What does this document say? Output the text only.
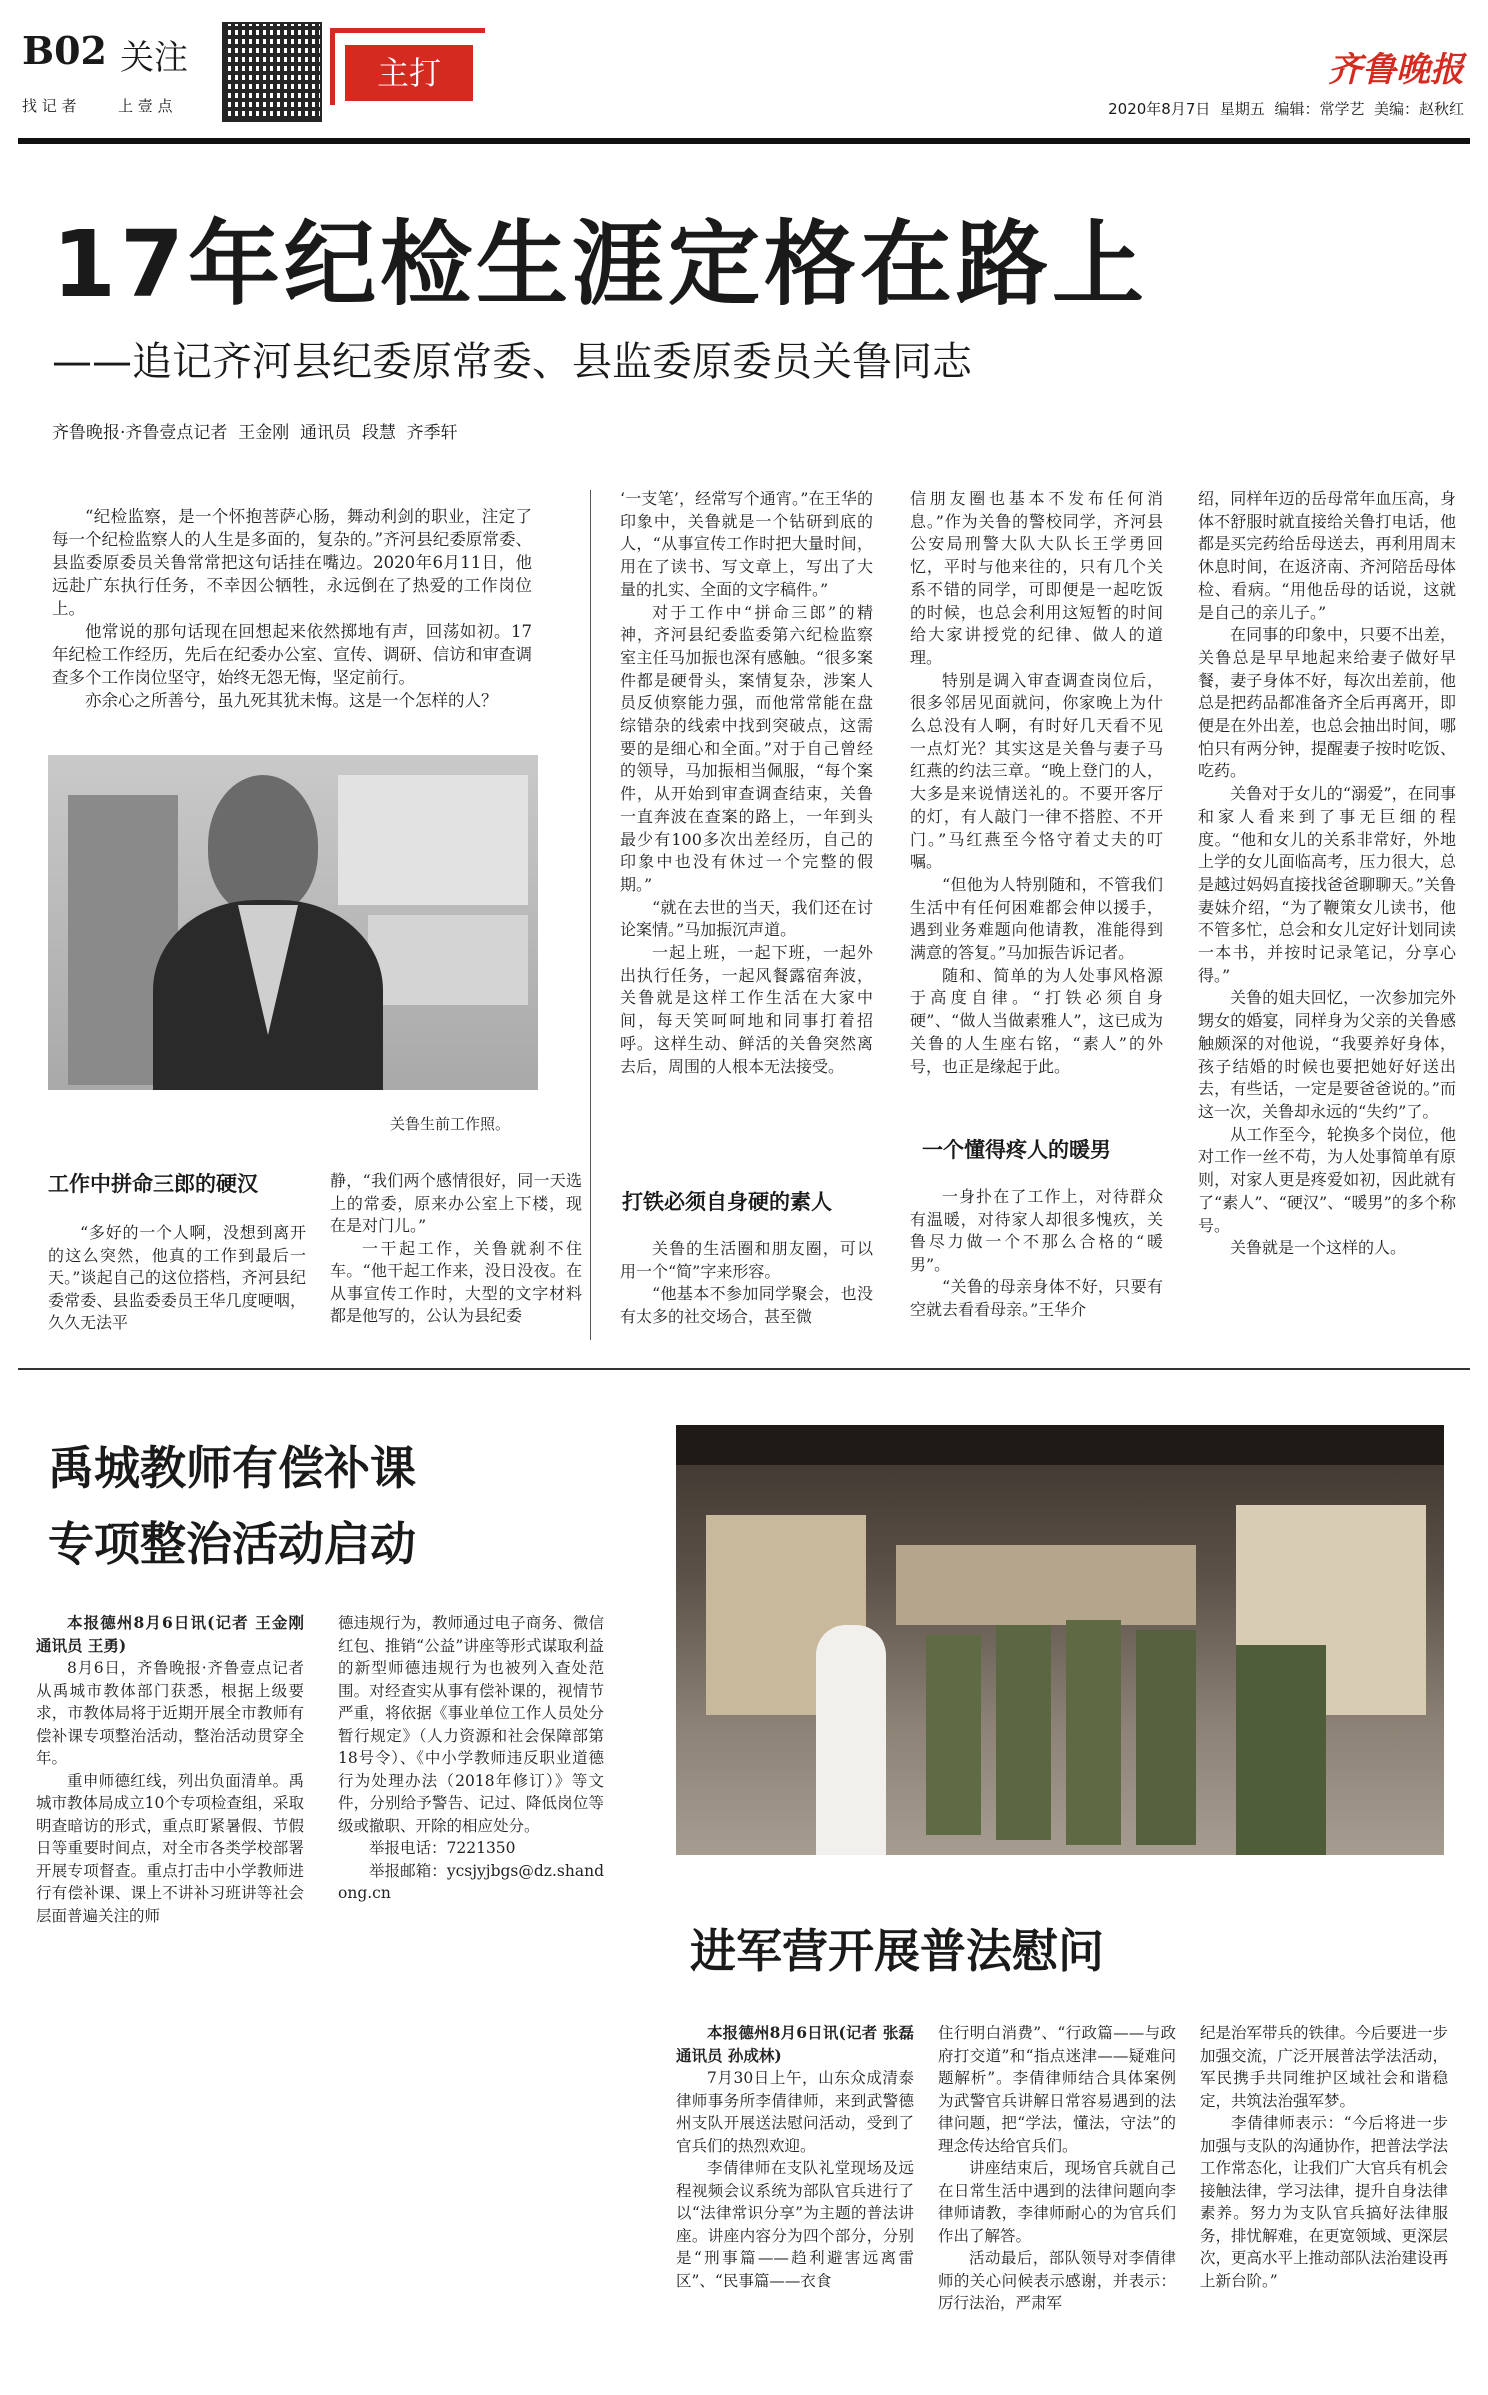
B02 关注
找 记 者	上 壹 点
主打	齐鲁晚报
2020年8月7日  星期五  编辑：常学艺  美编：赵秋红
17年纪检生涯定格在路上
——追记齐河县纪委原常委、县监委原委员关鲁同志
齐鲁晚报·齐鲁壹点记者  王金刚  通讯员  段慧  齐季轩

“纪检监察，是一个怀抱菩萨心肠，舞动利剑的职业，注定了每一个纪检监察人的人生是多面的，复杂的。”齐河县纪委原常委、县监委原委员关鲁常常把这句话挂在嘴边。2020年6月11日，他远赴广东执行任务，不幸因公牺牲，永远倒在了热爱的工作岗位上。

他常说的那句话现在回想起来依然掷地有声，回荡如初。17年纪检工作经历，先后在纪委办公室、宣传、调研、信访和审查调查多个工作岗位坚守，始终无怨无悔，坚定前行。

亦余心之所善兮，虽九死其犹未悔。这是一个怎样的人？

关鲁生前工作照。
工作中拼命三郎的硬汉

“多好的一个人啊，没想到离开的这么突然，他真的工作到最后一天。”谈起自己的这位搭档，齐河县纪委常委、县监委委员王华几度哽咽，久久无法平

静，“我们两个感情很好，同一天选上的常委，原来办公室上下楼，现在是对门儿。”

一干起工作，关鲁就刹不住车。“他干起工作来，没日没夜。在从事宣传工作时，大型的文字材料都是他写的，公认为县纪委

‘一支笔’，经常写个通宵。”在王华的印象中，关鲁就是一个钻研到底的人，“从事宣传工作时把大量时间，用在了读书、写文章上，写出了大量的扎实、全面的文字稿件。”

对于工作中“拼命三郎”的精神，齐河县纪委监委第六纪检监察室主任马加振也深有感触。“很多案件都是硬骨头，案情复杂，涉案人员反侦察能力强，而他常常能在盘综错杂的线索中找到突破点，这需要的是细心和全面。”对于自己曾经的领导，马加振相当佩服，“每个案件，从开始到审查调查结束，关鲁一直奔波在查案的路上，一年到头最少有100多次出差经历，自己的印象中也没有休过一个完整的假期。”

“就在去世的当天，我们还在讨论案情。”马加振沉声道。

一起上班，一起下班，一起外出执行任务，一起风餐露宿奔波，关鲁就是这样工作生活在大家中间，每天笑呵呵地和同事打着招呼。这样生动、鲜活的关鲁突然离去后，周围的人根本无法接受。

打铁必须自身硬的素人

关鲁的生活圈和朋友圈，可以用一个“简”字来形容。

“他基本不参加同学聚会，也没有太多的社交场合，甚至微

信朋友圈也基本不发布任何消息。”作为关鲁的警校同学，齐河县公安局刑警大队大队长王学勇回忆，平时与他来往的，只有几个关系不错的同学，可即便是一起吃饭的时候，也总会利用这短暂的时间给大家讲授党的纪律、做人的道理。

特别是调入审查调查岗位后，很多邻居见面就问，你家晚上为什么总没有人啊，有时好几天看不见一点灯光？其实这是关鲁与妻子马红燕的约法三章。“晚上登门的人，大多是来说情送礼的。不要开客厅的灯，有人敲门一律不搭腔、不开门。”马红燕至今恪守着丈夫的叮嘱。

“但他为人特别随和，不管我们生活中有任何困难都会伸以援手，遇到业务难题向他请教，准能得到满意的答复。”马加振告诉记者。

随和、简单的为人处事风格源于高度自律。“打铁必须自身硬”、“做人当做素雅人”，这已成为关鲁的人生座右铭，“素人”的外号，也正是缘起于此。

一个懂得疼人的暖男

一身扑在了工作上，对待群众有温暖，对待家人却很多愧疚，关鲁尽力做一个不那么合格的“暖男”。

“关鲁的母亲身体不好，只要有空就去看看母亲。”王华介

绍，同样年迈的岳母常年血压高，身体不舒服时就直接给关鲁打电话，他都是买完药给岳母送去，再利用周末休息时间，在返济南、齐河陪岳母体检、看病。“用他岳母的话说，这就是自己的亲儿子。”

在同事的印象中，只要不出差，关鲁总是早早地起来给妻子做好早餐，妻子身体不好，每次出差前，他总是把药品都准备齐全后再离开，即便是在外出差，也总会抽出时间，哪怕只有两分钟，提醒妻子按时吃饭、吃药。

关鲁对于女儿的“溺爱”，在同事和家人看来到了事无巨细的程度。“他和女儿的关系非常好，外地上学的女儿面临高考，压力很大，总是越过妈妈直接找爸爸聊聊天。”关鲁妻妹介绍，“为了鞭策女儿读书，他不管多忙，总会和女儿定好计划同读一本书，并按时记录笔记，分享心得。”

关鲁的姐夫回忆，一次参加完外甥女的婚宴，同样身为父亲的关鲁感触颇深的对他说，“我要养好身体，孩子结婚的时候也要把她好好送出去，有些话，一定是要爸爸说的。”而这一次，关鲁却永远的“失约”了。

从工作至今，轮换多个岗位，他对工作一丝不苟，为人处事简单有原则，对家人更是疼爱如初，因此就有了“素人”、“硬汉”、“暖男”的多个称号。

关鲁就是一个这样的人。

禹城教师有偿补课
专项整治活动启动

本报德州8月6日讯(记者 王金刚 通讯员 王勇)

8月6日，齐鲁晚报·齐鲁壹点记者从禹城市教体部门获悉，根据上级要求，市教体局将于近期开展全市教师有偿补课专项整治活动，整治活动贯穿全年。

重申师德红线，列出负面清单。禹城市教体局成立10个专项检查组，采取明查暗访的形式，重点盯紧暑假、节假日等重要时间点，对全市各类学校部署开展专项督查。重点打击中小学教师进行有偿补课、课上不讲补习班讲等社会层面普遍关注的师

德违规行为，教师通过电子商务、微信红包、推销“公益”讲座等形式谋取利益的新型师德违规行为也被列入查处范围。对经查实从事有偿补课的，视情节严重，将依据《事业单位工作人员处分暂行规定》（人力资源和社会保障部第18号令）、《中小学教师违反职业道德行为处理办法（2018年修订）》等文件，分别给予警告、记过、降低岗位等级或撤职、开除的相应处分。

举报电话：7221350

举报邮箱：ycsjyjbgs@dz.shandong.cn

进军营开展普法慰问

本报德州8月6日讯(记者 张磊 通讯员 孙成林)

7月30日上午，山东众成清泰律师事务所李倩律师，来到武警德州支队开展送法慰问活动，受到了官兵们的热烈欢迎。

李倩律师在支队礼堂现场及远程视频会议系统为部队官兵进行了以“法律常识分享”为主题的普法讲座。讲座内容分为四个部分，分别是“刑事篇——趋利避害远离雷区”、“民事篇——衣食

住行明白消费”、“行政篇——与政府打交道”和“指点迷津——疑难问题解析”。李倩律师结合具体案例为武警官兵讲解日常容易遇到的法律问题，把“学法，懂法，守法”的理念传达给官兵们。

讲座结束后，现场官兵就自己在日常生活中遇到的法律问题向李律师请教，李律师耐心的为官兵们作出了解答。

活动最后，部队领导对李倩律师的关心问候表示感谢，并表示：厉行法治，严肃军

纪是治军带兵的铁律。今后要进一步加强交流，广泛开展普法学法活动，军民携手共同维护区域社会和谐稳定，共筑法治强军梦。

李倩律师表示：“今后将进一步加强与支队的沟通协作，把普法学法工作常态化，让我们广大官兵有机会接触法律，学习法律，提升自身法律素养。努力为支队官兵搞好法律服务，排忧解难，在更宽领域、更深层次，更高水平上推动部队法治建设再上新台阶。”
